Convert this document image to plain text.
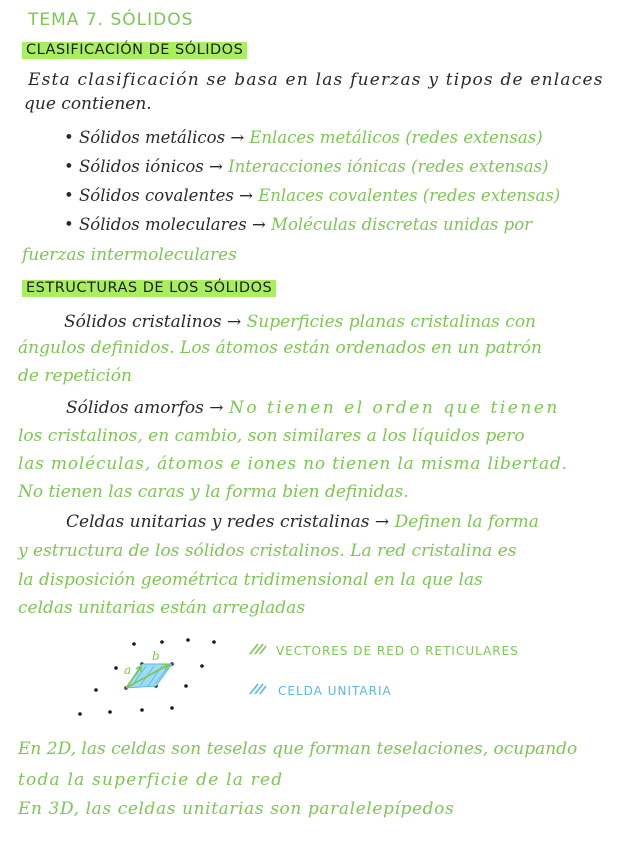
TEMA 7. SÓLIDOS
CLASIFICACIÓN DE SÓLIDOS
Esta clasificación se basa en las fuerzas y tipos de enlaces
que contienen.
• Sólidos metálicos → Enlaces metálicos (redes extensas)
• Sólidos iónicos → Interacciones iónicas (redes extensas)
• Sólidos covalentes → Enlaces covalentes (redes extensas)
• Sólidos moleculares → Moléculas discretas unidas por
fuerzas intermoleculares
ESTRUCTURAS DE LOS SÓLIDOS
Sólidos cristalinos → Superficies planas cristalinas con
ángulos definidos. Los átomos están ordenados en un patrón
de repetición
Sólidos amorfos → No tienen el orden que tienen
los cristalinos, en cambio, son similares a los líquidos pero
las moléculas, átomos e iones no tienen la misma libertad.
No tienen las caras y la forma bien definidas.
Celdas unitarias y redes cristalinas → Definen la forma
y estructura de los sólidos cristalinos. La red cristalina es
la disposición geométrica tridimensional en la que las
celdas unitarias están arregladas
a
b	VECTORES DE RED O RETICULARES
CELDA UNITARIA
En 2D, las celdas son teselas que forman teselaciones, ocupando
toda la superficie de la red
En 3D, las celdas unitarias son paralelepípedos
